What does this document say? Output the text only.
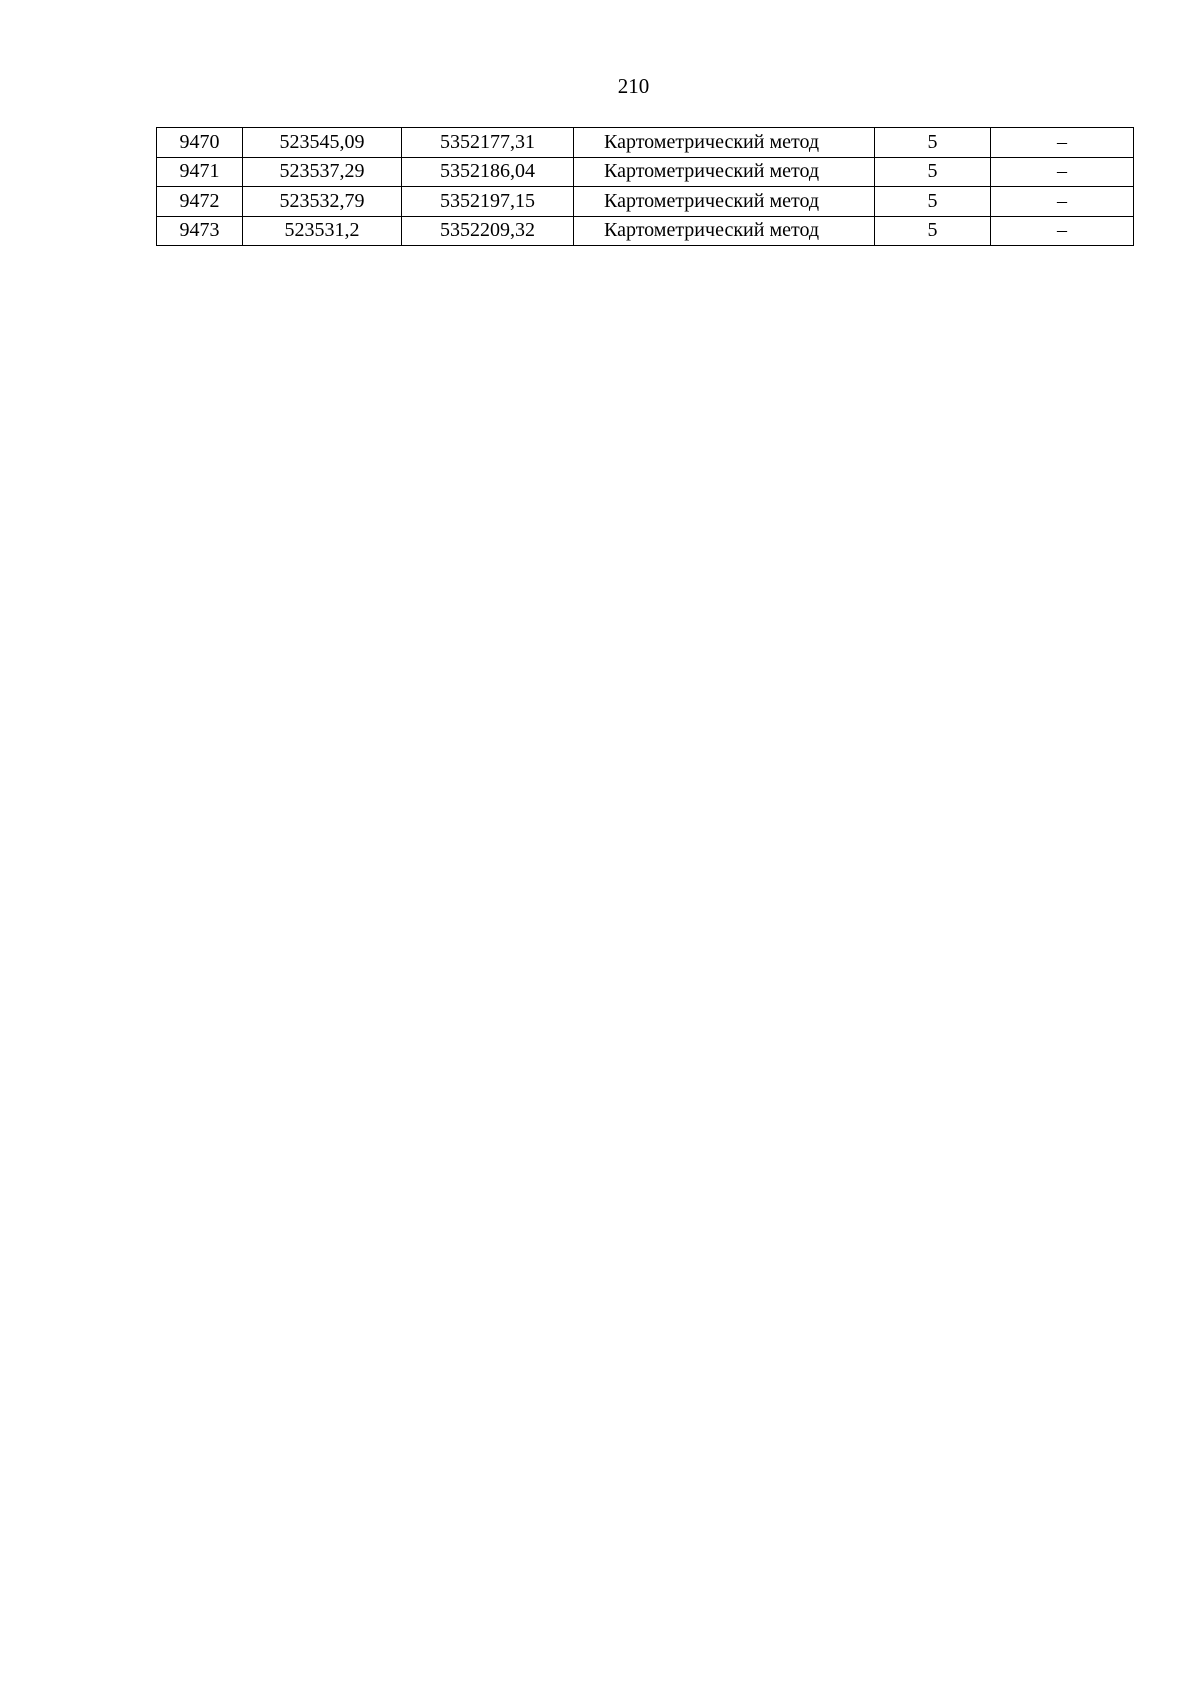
210
9470	523545,09	5352177,31	Картометрический метод	5	–
9471	523537,29	5352186,04	Картометрический метод	5	–
9472	523532,79	5352197,15	Картометрический метод	5	–
9473	523531,2	5352209,32	Картометрический метод	5	–
